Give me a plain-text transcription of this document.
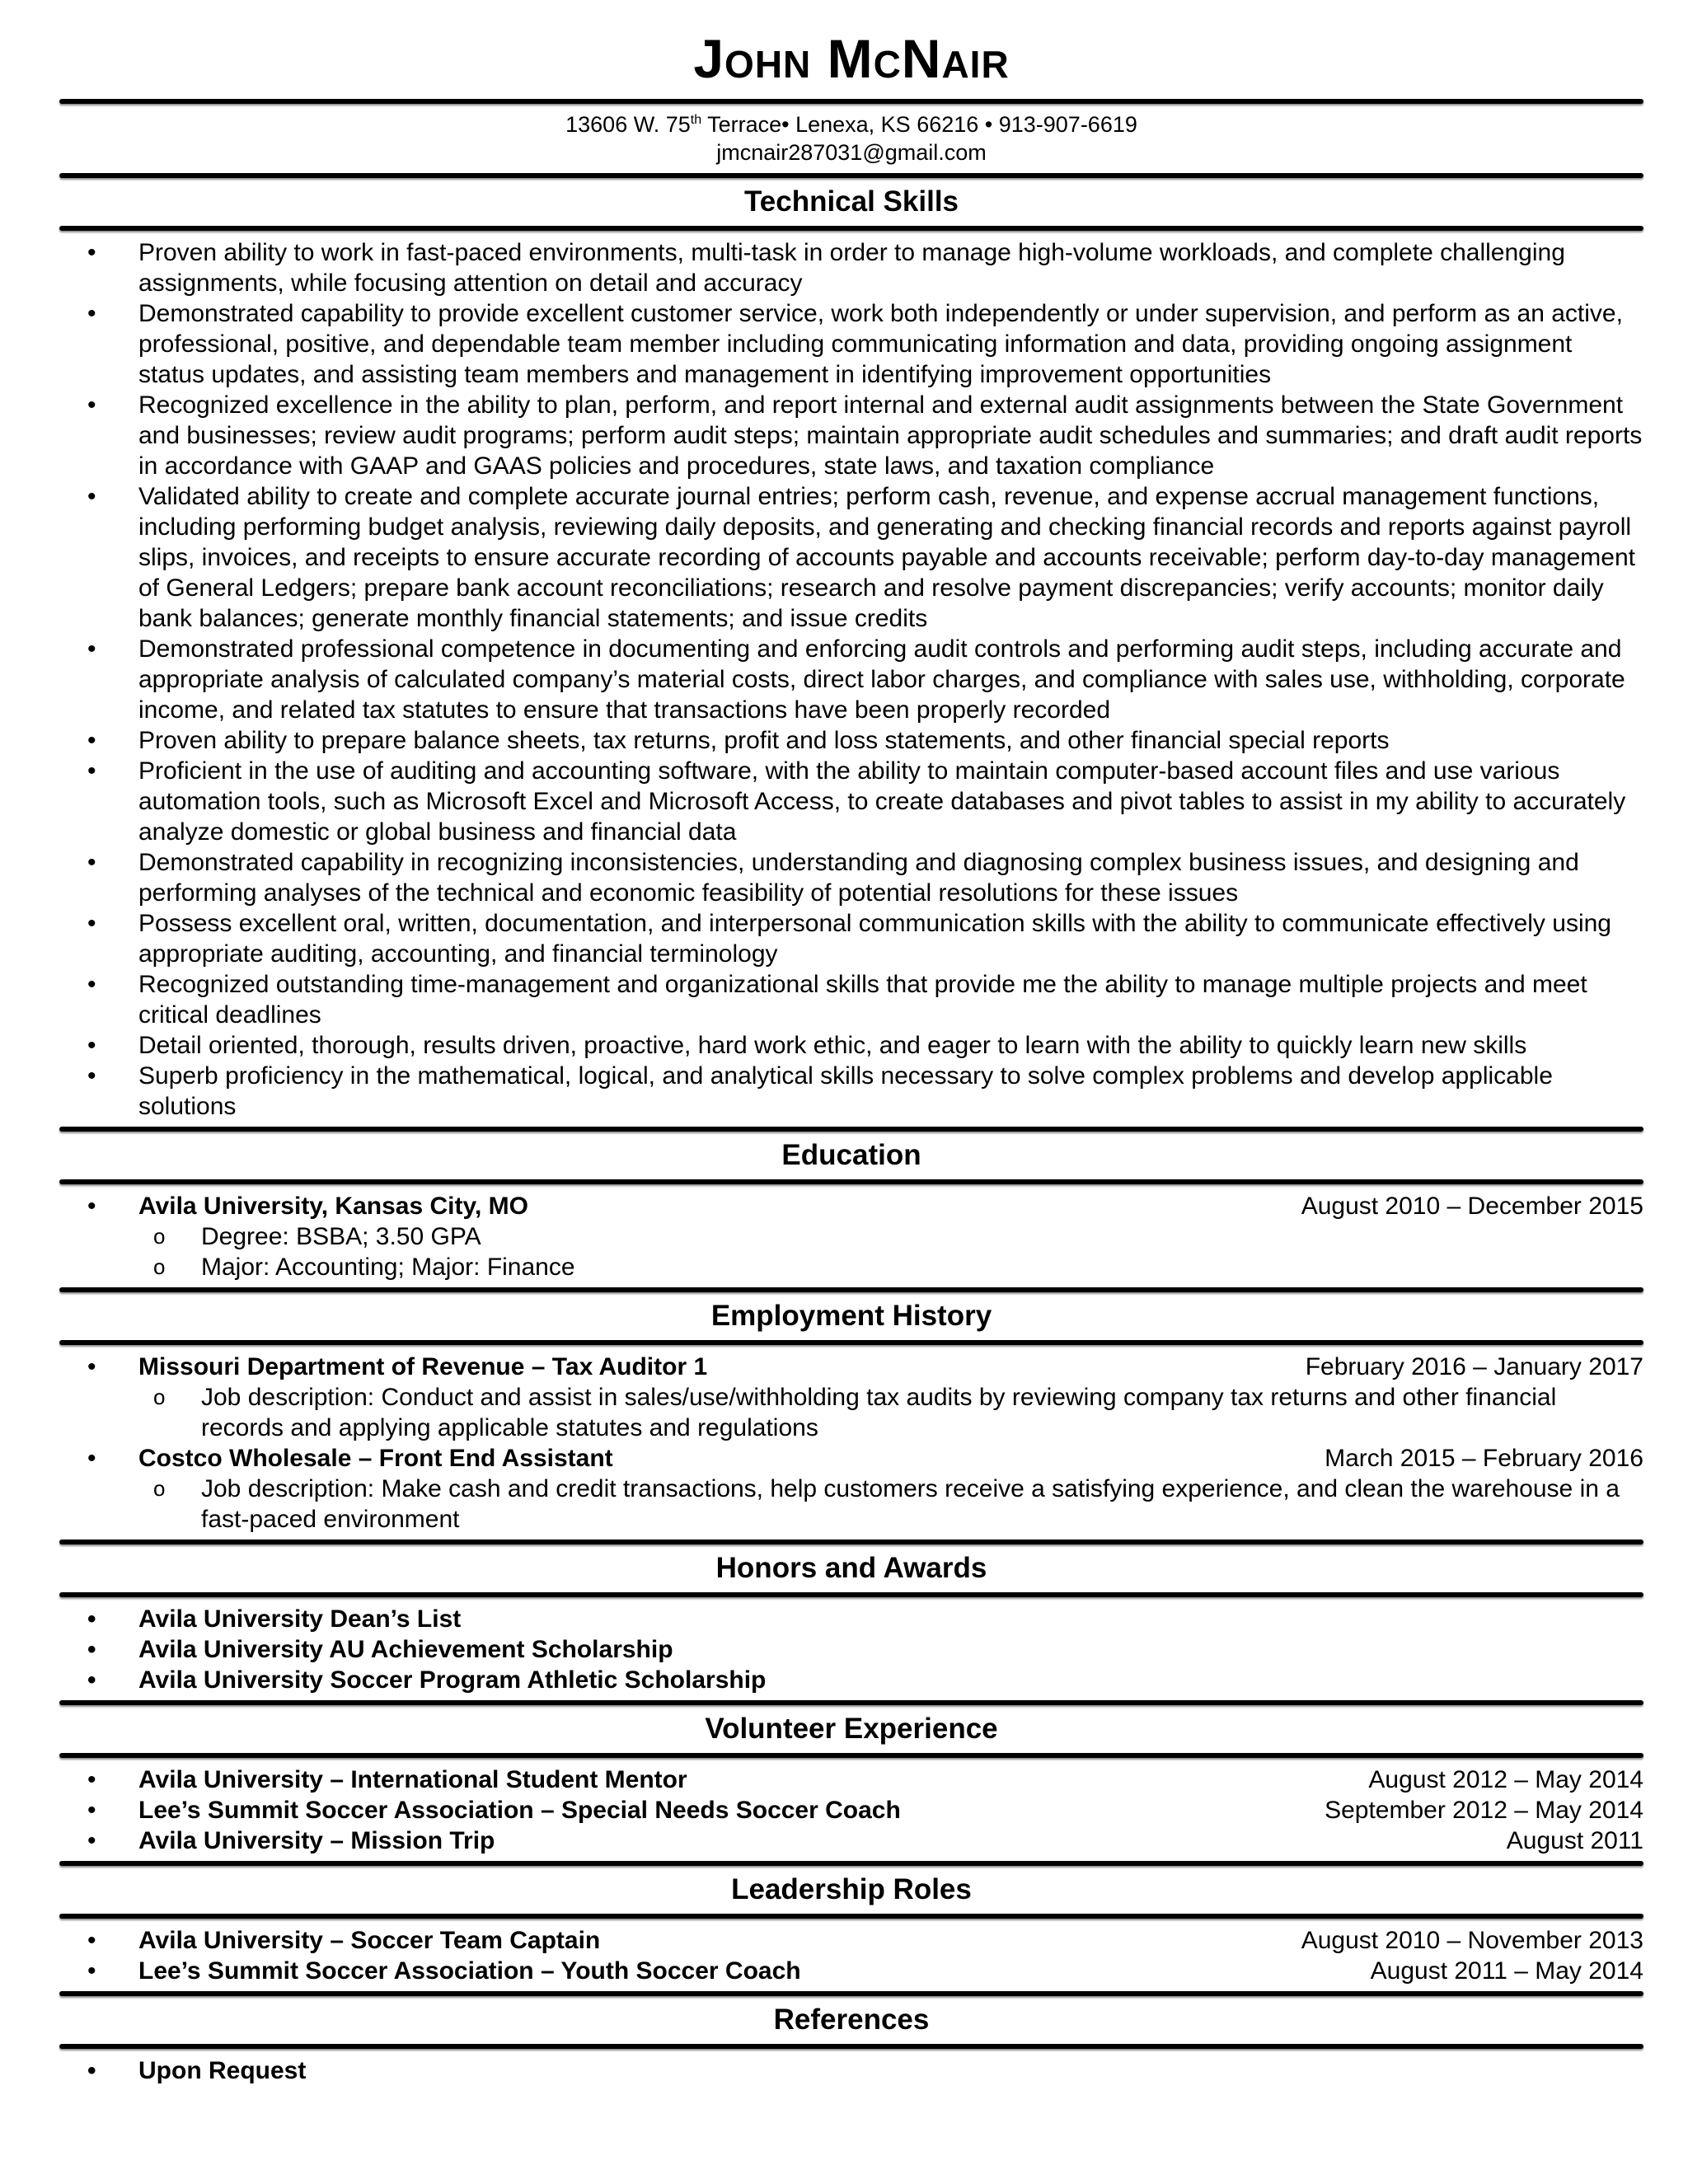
John McNair
13606 W. 75th Terrace• Lenexa, KS 66216 • 913-907-6619
jmcnair287031@gmail.com
Technical Skills
• Proven ability to work in fast-paced environments, multi-task in order to manage high-volume workloads, and complete challenging assignments, while focusing attention on detail and accuracy
• Demonstrated capability to provide excellent customer service, work both independently or under supervision, and perform as an active, professional, positive, and dependable team member including communicating information and data, providing ongoing assignment status updates, and assisting team members and management in identifying improvement opportunities
• Recognized excellence in the ability to plan, perform, and report internal and external audit assignments between the State Government and businesses; review audit programs; perform audit steps; maintain appropriate audit schedules and summaries; and draft audit reports in accordance with GAAP and GAAS policies and procedures, state laws, and taxation compliance
• Validated ability to create and complete accurate journal entries; perform cash, revenue, and expense accrual management functions, including performing budget analysis, reviewing daily deposits, and generating and checking financial records and reports against payroll slips, invoices, and receipts to ensure accurate recording of accounts payable and accounts receivable; perform day-to-day management of General Ledgers; prepare bank account reconciliations; research and resolve payment discrepancies; verify accounts; monitor daily bank balances; generate monthly financial statements; and issue credits
• Demonstrated professional competence in documenting and enforcing audit controls and performing audit steps, including accurate and appropriate analysis of calculated company’s material costs, direct labor charges, and compliance with sales use, withholding, corporate income, and related tax statutes to ensure that transactions have been properly recorded
• Proven ability to prepare balance sheets, tax returns, profit and loss statements, and other financial special reports
• Proficient in the use of auditing and accounting software, with the ability to maintain computer-based account files and use various automation tools, such as Microsoft Excel and Microsoft Access, to create databases and pivot tables to assist in my ability to accurately analyze domestic or global business and financial data
• Demonstrated capability in recognizing inconsistencies, understanding and diagnosing complex business issues, and designing and performing analyses of the technical and economic feasibility of potential resolutions for these issues
• Possess excellent oral, written, documentation, and interpersonal communication skills with the ability to communicate effectively using appropriate auditing, accounting, and financial terminology
• Recognized outstanding time-management and organizational skills that provide me the ability to manage multiple projects and meet critical deadlines
• Detail oriented, thorough, results driven, proactive, hard work ethic, and eager to learn with the ability to quickly learn new skills
• Superb proficiency in the mathematical, logical, and analytical skills necessary to solve complex problems and develop applicable solutions
Education
• Avila University, Kansas City, MO	August 2010 – December 2015
o Degree: BSBA; 3.50 GPA
o Major: Accounting; Major: Finance
Employment History
• Missouri Department of Revenue – Tax Auditor 1	February 2016 – January 2017
o Job description: Conduct and assist in sales/use/withholding tax audits by reviewing company tax returns and other financial records and applying applicable statutes and regulations
• Costco Wholesale – Front End Assistant	March 2015 – February 2016
o Job description: Make cash and credit transactions, help customers receive a satisfying experience, and clean the warehouse in a fast-paced environment
Honors and Awards
• Avila University Dean’s List
• Avila University AU Achievement Scholarship
• Avila University Soccer Program Athletic Scholarship
Volunteer Experience
• Avila University – International Student Mentor	August 2012 – May 2014
• Lee’s Summit Soccer Association – Special Needs Soccer Coach	September 2012 – May 2014
• Avila University – Mission Trip	August 2011
Leadership Roles
• Avila University – Soccer Team Captain	August 2010 – November 2013
• Lee’s Summit Soccer Association – Youth Soccer Coach	August 2011 – May 2014
References
• Upon Request
